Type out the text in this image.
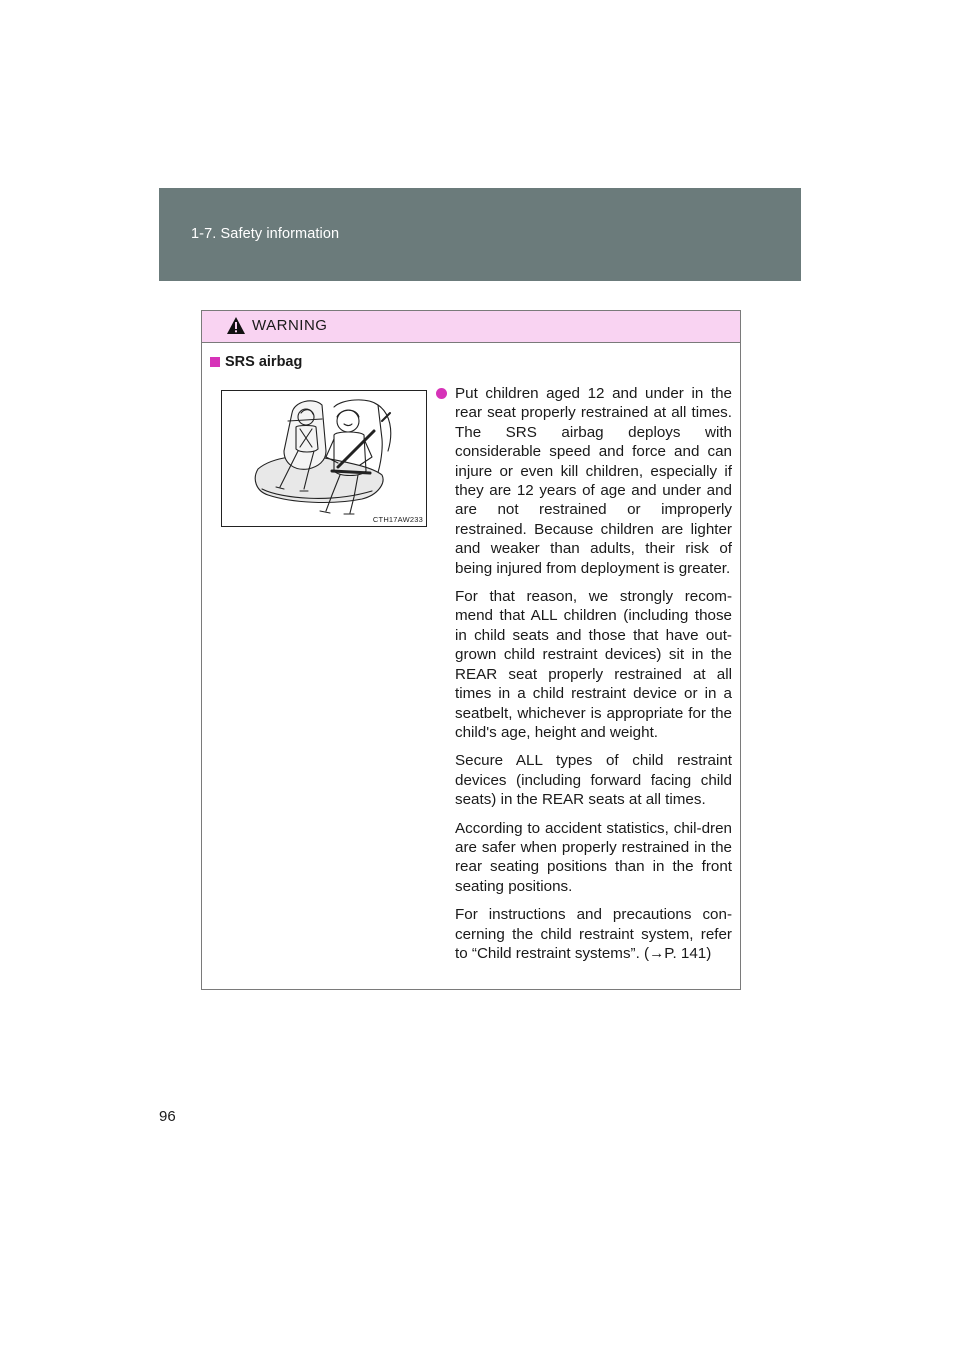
1-7. Safety information
WARNING
SRS airbag
CTH17AW233

Put children aged 12 and under in the rear seat properly restrained at all times. The SRS airbag deploys with considerable speed and force and can injure or even kill children, especially if they are 12 years of age and under and are not restrained or improperly restrained. Because children are lighter and weaker than adults, their risk of being injured from deployment is greater.

For that reason, we strongly recom-mend that ALL children (including those in child seats and those that have out-grown child restraint devices) sit in the REAR seat properly restrained at all times in a child restraint device or in a seatbelt, whichever is appropriate for the child's age, height and weight.

Secure ALL types of child restraint devices (including forward facing child seats) in the REAR seats at all times.

According to accident statistics, chil-dren are safer when properly restrained in the rear seating positions than in the front seating positions.

For instructions and precautions con-cerning the child restraint system, refer to “Child restraint systems”. (→P. 141)

96
